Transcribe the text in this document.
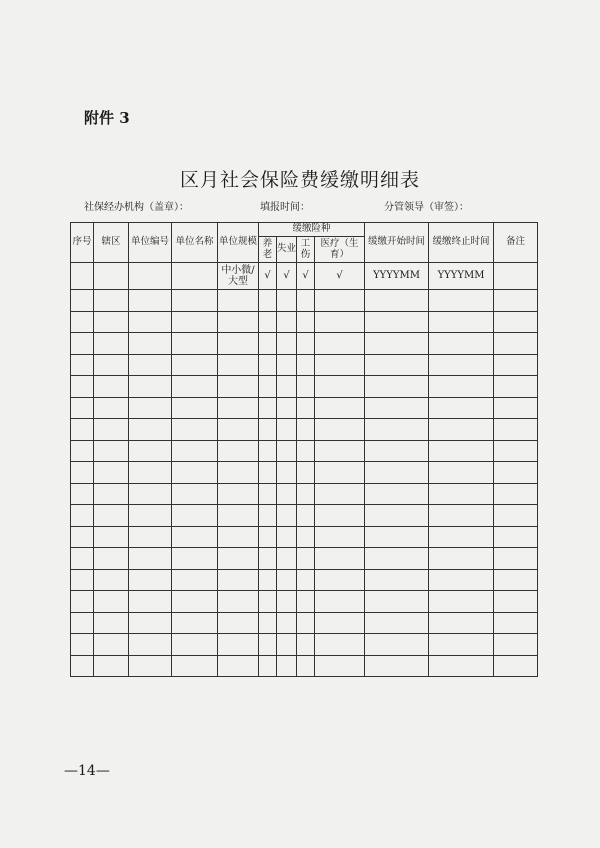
附件 3
区月社会保险费缓缴明细表
社保经办机构（盖章）：	填报时间：	分管领导（审签）：
序号	辖区	单位编号	单位名称	单位规模	缓缴险种				缓缴开始时间	缓缴终止时间	备注
					养老	失业	工伤	医疗（生育）			
				中小微/大型	√	√	√	√	YYYYMM	YYYYMM	

—14—
